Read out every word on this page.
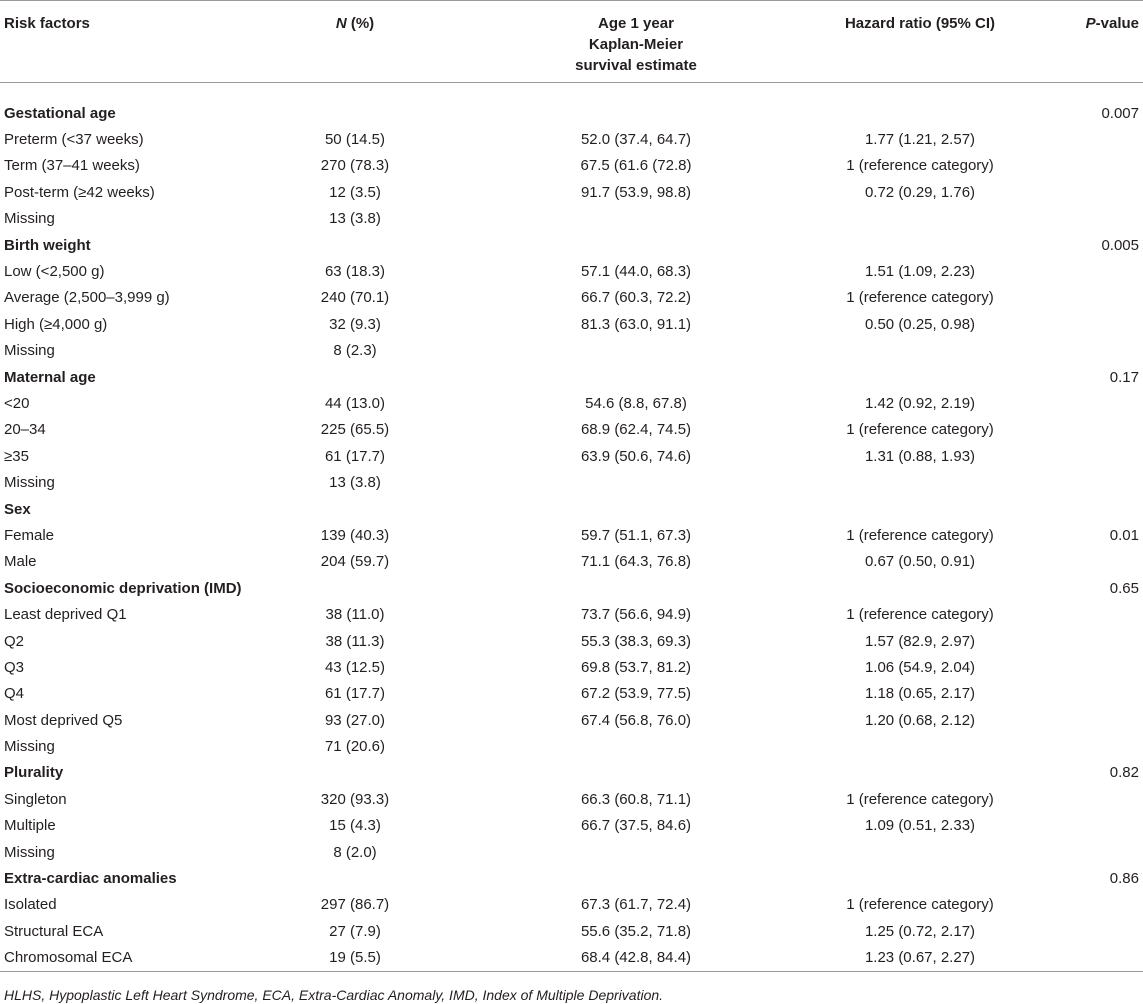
Risk factors	N (%)	Age 1 year
Kaplan-Meier
survival estimate	Hazard ratio (95% CI)	P-value

Gestational age				0.007
Preterm (<37 weeks)	50 (14.5)	52.0 (37.4, 64.7)	1.77 (1.21, 2.57)	
Term (37–41 weeks)	270 (78.3)	67.5 (61.6 (72.8)	1 (reference category)	
Post-term (≥42 weeks)	12 (3.5)	91.7 (53.9, 98.8)	0.72 (0.29, 1.76)	
Missing	13 (3.8)			
Birth weight				0.005
Low (<2,500 g)	63 (18.3)	57.1 (44.0, 68.3)	1.51 (1.09, 2.23)	
Average (2,500–3,999 g)	240 (70.1)	66.7 (60.3, 72.2)	1 (reference category)	
High (≥4,000 g)	32 (9.3)	81.3 (63.0, 91.1)	0.50 (0.25, 0.98)	
Missing	8 (2.3)			
Maternal age				0.17
<20	44 (13.0)	54.6 (8.8, 67.8)	1.42 (0.92, 2.19)	
20–34	225 (65.5)	68.9 (62.4, 74.5)	1 (reference category)	
≥35	61 (17.7)	63.9 (50.6, 74.6)	1.31 (0.88, 1.93)	
Missing	13 (3.8)			
Sex				
Female	139 (40.3)	59.7 (51.1, 67.3)	1 (reference category)	0.01
Male	204 (59.7)	71.1 (64.3, 76.8)	0.67 (0.50, 0.91)	
Socioeconomic deprivation (IMD)				0.65
Least deprived Q1	38 (11.0)	73.7 (56.6, 94.9)	1 (reference category)	
Q2	38 (11.3)	55.3 (38.3, 69.3)	1.57 (82.9, 2.97)	
Q3	43 (12.5)	69.8 (53.7, 81.2)	1.06 (54.9, 2.04)	
Q4	61 (17.7)	67.2 (53.9, 77.5)	1.18 (0.65, 2.17)	
Most deprived Q5	93 (27.0)	67.4 (56.8, 76.0)	1.20 (0.68, 2.12)	
Missing	71 (20.6)			
Plurality				0.82
Singleton	320 (93.3)	66.3 (60.8, 71.1)	1 (reference category)	
Multiple	15 (4.3)	66.7 (37.5, 84.6)	1.09 (0.51, 2.33)	
Missing	8 (2.0)			
Extra-cardiac anomalies				0.86
Isolated	297 (86.7)	67.3 (61.7, 72.4)	1 (reference category)	
Structural ECA	27 (7.9)	55.6 (35.2, 71.8)	1.25 (0.72, 2.17)	
Chromosomal ECA	19 (5.5)	68.4 (42.8, 84.4)	1.23 (0.67, 2.27)	
HLHS, Hypoplastic Left Heart Syndrome, ECA, Extra-Cardiac Anomaly, IMD, Index of Multiple Deprivation.
